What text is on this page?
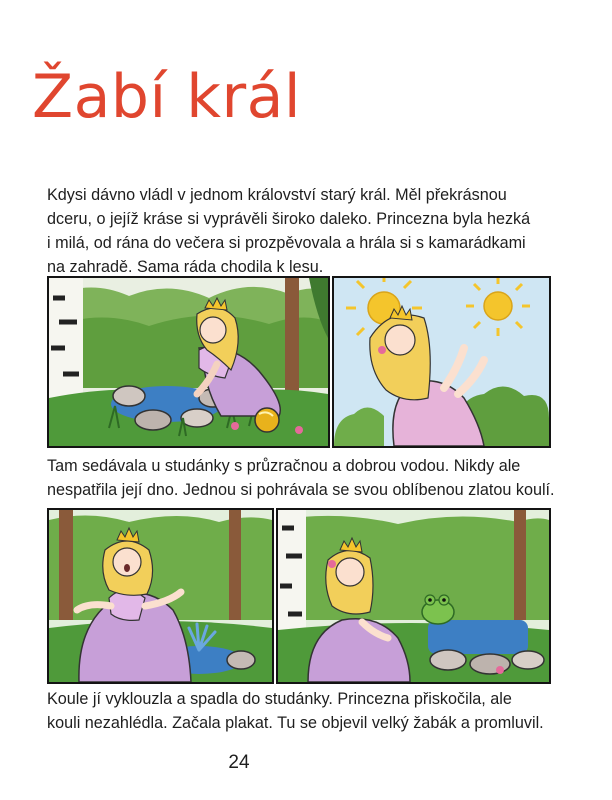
Žabí král
Kdysi dávno vládl v jednom království starý král. Měl překrásnou
dceru, o jejíž kráse si vyprávěli široko daleko. Princezna byla hezká
i milá, od rána do večera si prozpěvovala a hrála si s kamarádkami
na zahradě. Sama ráda chodila k lesu.
Tam sedávala u studánky s průzračnou a dobrou vodou. Nikdy ale
nespatřila její dno. Jednou si pohrávala se svou oblíbenou zlatou koulí.
Koule jí vyklouzla a spadla do studánky. Princezna přiskočila, ale
kouli nezahlédla. Začala plakat. Tu se objevil velký žabák a promluvil.
24
